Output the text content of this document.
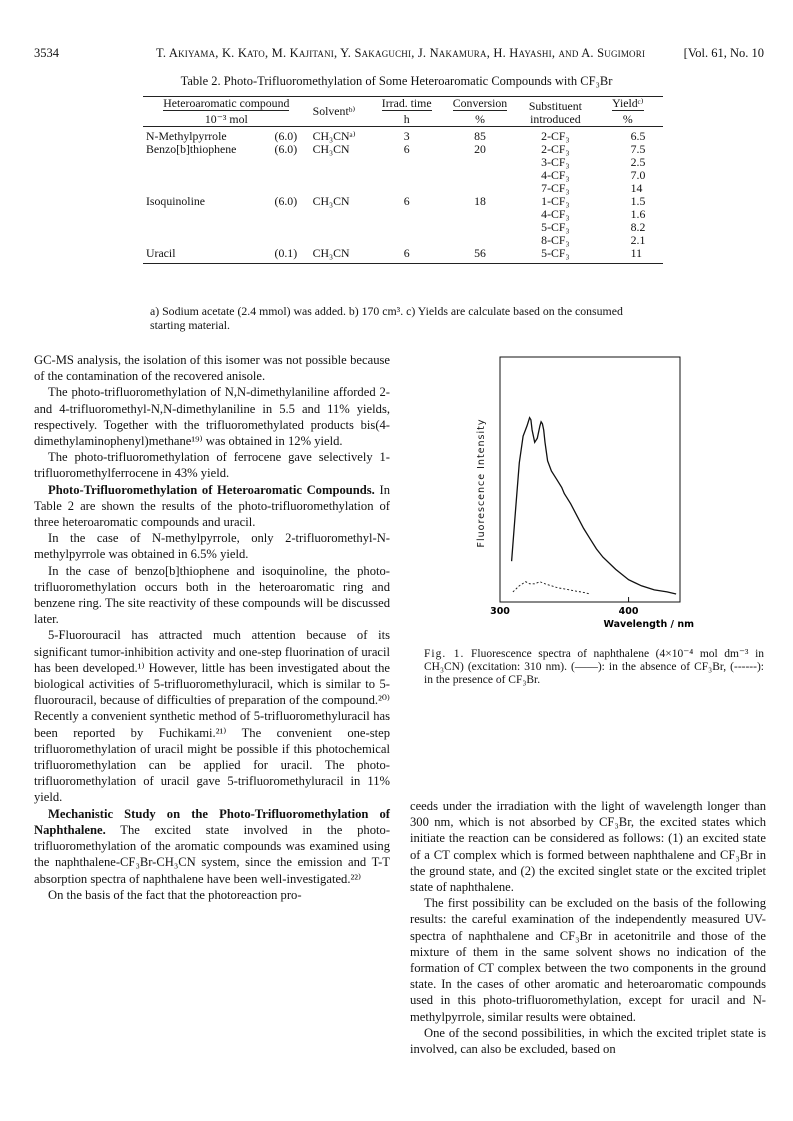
3534	T. Akiyama, K. Kato, M. Kajitani, Y. Sakaguchi, J. Nakamura, H. Hayashi, and A. Sugimori	[Vol. 61, No. 10
Table 2. Photo-Trifluoromethylation of Some Heteroaromatic Compounds with CF₃Br
Heteroaromatic compound		Solventᵇ⁾	Irrad. time	Conversion	Substituent	Yieldᶜ⁾
10⁻³ mol			h	%	introduced	%
N-Methylpyrrole	(6.0)	CH₃CNᵃ⁾	3	85	2-CF₃	6.5
Benzo[b]thiophene	(6.0)	CH₃CN	6	20	2-CF₃	7.5
					3-CF₃	2.5
					4-CF₃	7.0
					7-CF₃	14
Isoquinoline	(6.0)	CH₃CN	6	18	1-CF₃	1.5
					4-CF₃	1.6
					5-CF₃	8.2
					8-CF₃	2.1
Uracil	(0.1)	CH₃CN	6	56	5-CF₃	11
a) Sodium acetate (2.4 mmol) was added. b) 170 cm³. c) Yields are calculate based on the consumed starting material.

GC-MS analysis, the isolation of this isomer was not possible because of the contamination of the recovered anisole.

The photo-trifluoromethylation of N,N-dimethylaniline afforded 2- and 4-trifluoromethyl-N,N-dimethylaniline in 5.5 and 11% yields, respectively. Together with the trifluoromethylated products bis(4-dimethylaminophenyl)methane¹⁹⁾ was obtained in 12% yield.

The photo-trifluoromethylation of ferrocene gave selectively 1-trifluoromethylferrocene in 43% yield.

Photo-Trifluoromethylation of Heteroaromatic Compounds. In Table 2 are shown the results of the photo-trifluoromethylation of three heteroaromatic compounds and uracil.

In the case of N-methylpyrrole, only 2-trifluoromethyl-N-methylpyrrole was obtained in 6.5% yield.

In the case of benzo[b]thiophene and isoquinoline, the photo-trifluoromethylation occurs both in the heteroaromatic ring and benzene ring. The site reactivity of these compounds will be discussed later.

5-Fluorouracil has attracted much attention because of its significant tumor-inhibition activity and one-step fluorination of uracil has been developed.¹⁾ However, little has been investigated about the biological activities of 5-trifluoromethyluracil, which is similar to 5-fluorouracil, because of difficulties of preparation of the compound.²⁰⁾ Recently a convenient synthetic method of 5-trifluoromethyluracil has been reported by Fuchikami.²¹⁾ The convenient one-step trifluoromethylation of uracil might be possible if this photochemical trifluoromethylation can be applied for uracil. The photo-trifluoromethylation of uracil gave 5-trifluoromethyluracil in 11% yield.

Mechanistic Study on the Photo-Trifluoromethylation of Naphthalene. The excited state involved in the photo-trifluoromethylation of the aromatic compounds was examined using the naphthalene-CF₃Br-CH₃CN system, since the emission and T-T absorption spectra of naphthalene have been well-investigated.²²⁾

On the basis of the fact that the photoreaction pro-

Fluorescence Intensity
300	400
Wavelength / nm
Fig. 1. Fluorescence spectra of naphthalene (4×10⁻⁴ mol dm⁻³ in CH₃CN) (excitation: 310 nm). (——): in the absence of CF₃Br, (------): in the presence of CF₃Br.

ceeds under the irradiation with the light of wavelength longer than 300 nm, which is not absorbed by CF₃Br, the excited states which initiate the reaction can be considered as follows: (1) an excited state of a CT complex which is formed between naphthalene and CF₃Br in the ground state, and (2) the excited singlet state or the excited triplet state of naphthalene.

The first possibility can be excluded on the basis of the following results: the careful examination of the independently measured UV-spectra of naphthalene and CF₃Br in acetonitrile and those of the mixture of them in the same solvent shows no indication of the formation of CT complex between the two components in the ground state. In the cases of other aromatic and heteroaromatic compounds used in this photo-trifluoromethylation, except for uracil and N-methylpyrrole, similar results were obtained.

One of the second possibilities, in which the excited triplet state is involved, can also be excluded, based on
